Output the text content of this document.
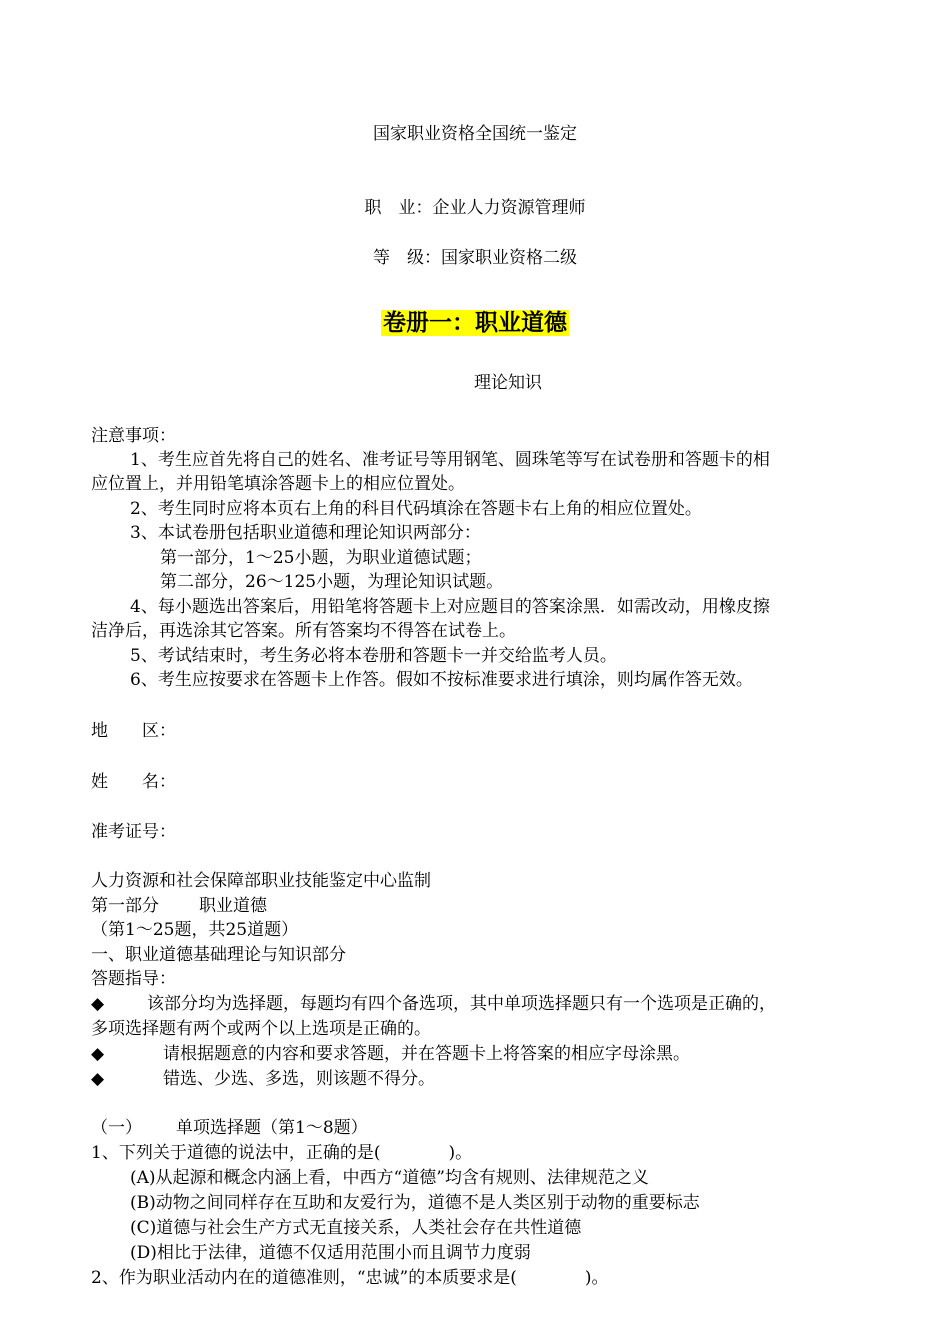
国家职业资格全国统一鉴定
职　业：企业人力资源管理师
等　级：国家职业资格二级
卷册一：职业道德
理论知识
注意事项：
1、考生应首先将自己的姓名、准考证号等用钢笔、圆珠笔等写在试卷册和答题卡的相
应位置上，并用铅笔填涂答题卡上的相应位置处。
2、考生同时应将本页右上角的科目代码填涂在答题卡右上角的相应位置处。
3、本试卷册包括职业道德和理论知识两部分：
第一部分，1～25小题，为职业道德试题；
第二部分，26～125小题，为理论知识试题。
4、每小题选出答案后，用铅笔将答题卡上对应题目的答案涂黑．如需改动，用橡皮擦
洁净后，再选涂其它答案。所有答案均不得答在试卷上。
5、考试结束时，考生务必将本卷册和答题卡一并交给监考人员。
6、考生应按要求在答题卡上作答。假如不按标准要求进行填涂，则均属作答无效。
地　　区：
姓　　名：
准考证号：
人力资源和社会保障部职业技能鉴定中心监制
第一部分 职业道德
（第1～25题，共25道题）
一、职业道德基础理论与知识部分
答题指导：
◆	该部分均为选择题，每题均有四个备选项，其中单项选择题只有一个选项是正确的，
多项选择题有两个或两个以上选项是正确的。
◆	请根据题意的内容和要求答题，并在答题卡上将答案的相应字母涂黑。
◆	错选、少选、多选，则该题不得分。
（一） 单项选择题（第1～8题）
1、下列关于道德的说法中，正确的是(　　　　)。
(A)从起源和概念内涵上看，中西方“道德”均含有规则、法律规范之义
(B)动物之间同样存在互助和友爱行为，道德不是人类区别于动物的重要标志
(C)道德与社会生产方式无直接关系，人类社会存在共性道德
(D)相比于法律，道德不仅适用范围小而且调节力度弱
2、作为职业活动内在的道德准则，“忠诚”的本质要求是(　　　　)。
